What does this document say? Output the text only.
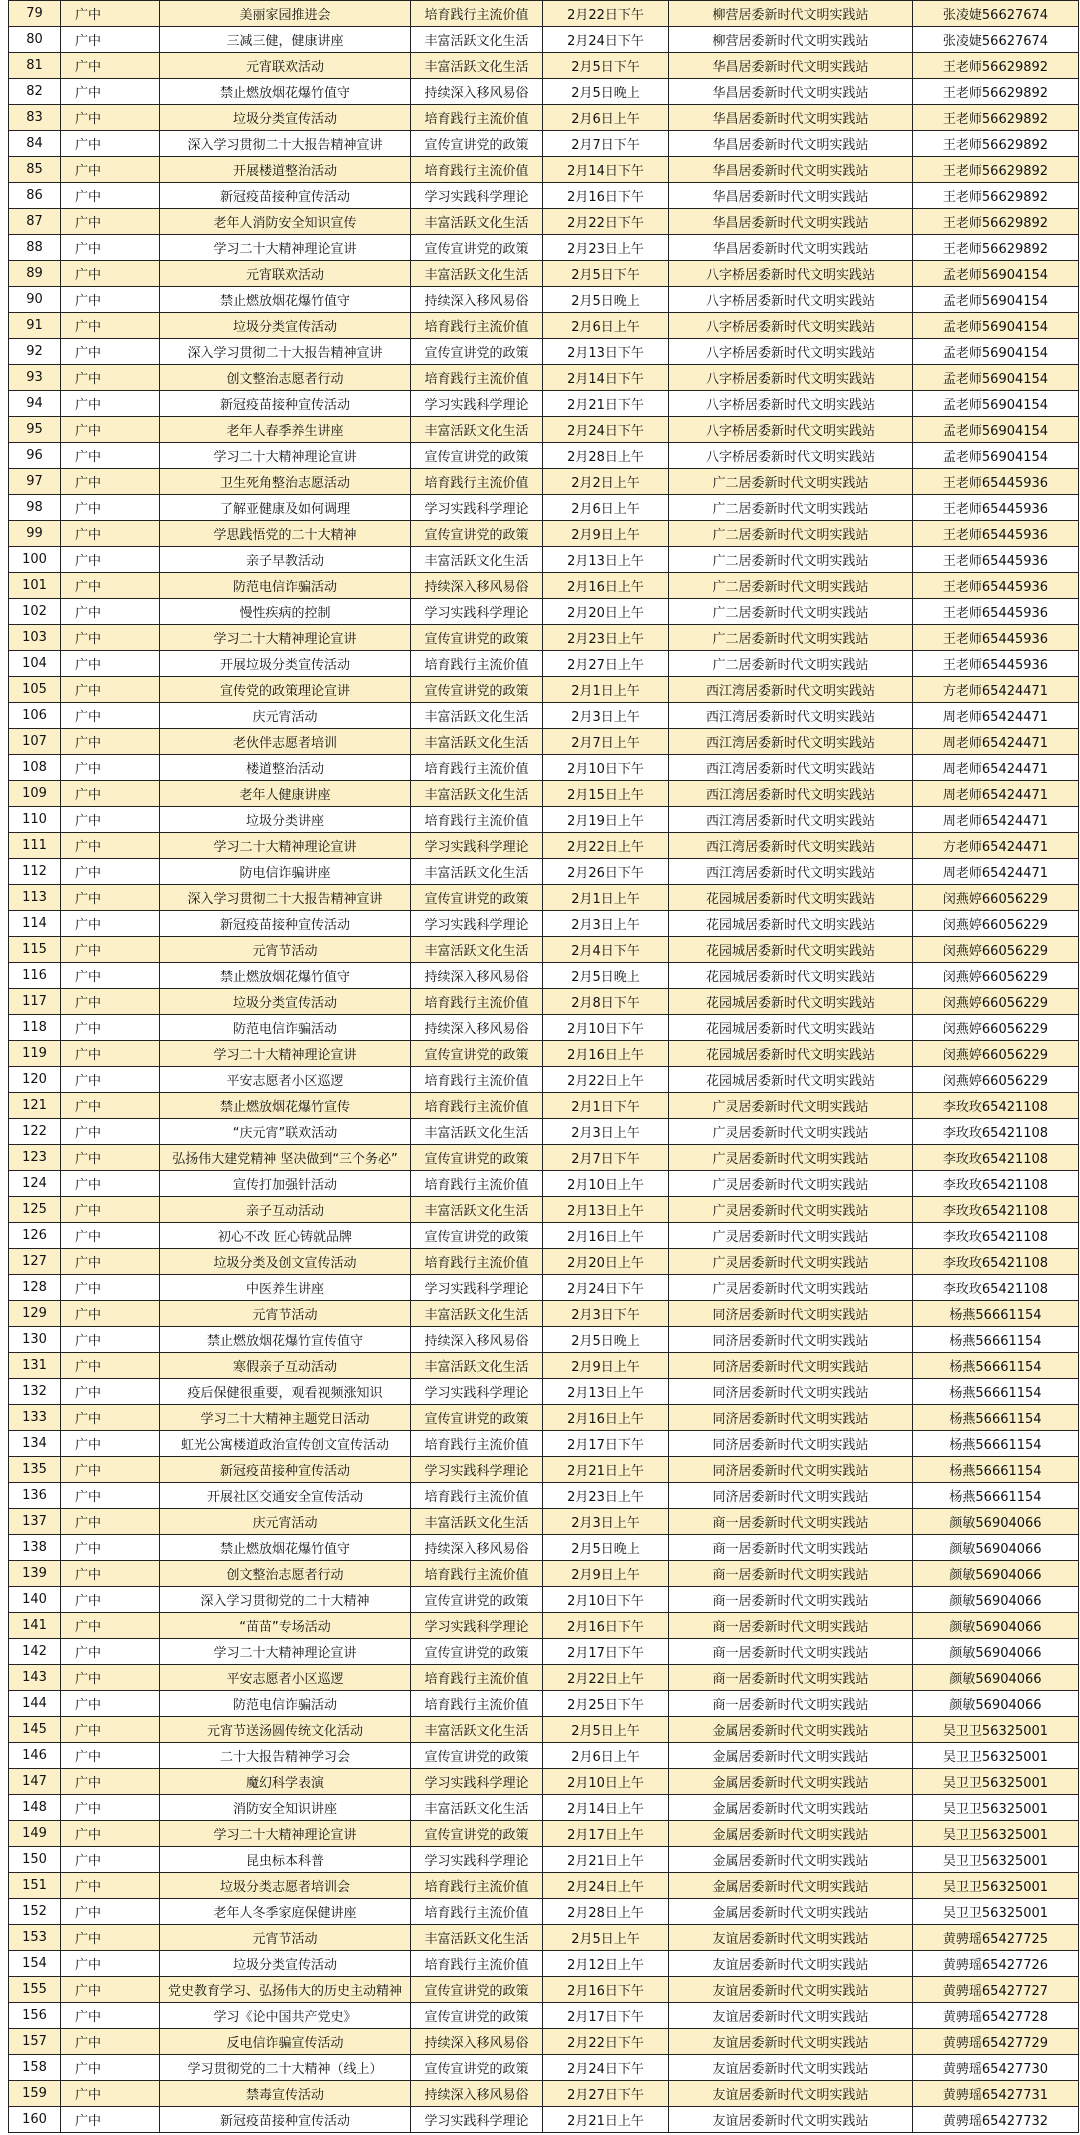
79	广中	美丽家园推进会	培育践行主流价值	2月22日下午	柳营居委新时代文明实践站	张凌婕56627674
80	广中	三减三健，健康讲座	丰富活跃文化生活	2月24日下午	柳营居委新时代文明实践站	张凌婕56627674
81	广中	元宵联欢活动	丰富活跃文化生活	2月5日下午	华昌居委新时代文明实践站	王老师56629892
82	广中	禁止燃放烟花爆竹值守	持续深入移风易俗	2月5日晚上	华昌居委新时代文明实践站	王老师56629892
83	广中	垃圾分类宣传活动	培育践行主流价值	2月6日上午	华昌居委新时代文明实践站	王老师56629892
84	广中	深入学习贯彻二十大报告精神宣讲	宣传宣讲党的政策	2月7日下午	华昌居委新时代文明实践站	王老师56629892
85	广中	开展楼道整治活动	培育践行主流价值	2月14日下午	华昌居委新时代文明实践站	王老师56629892
86	广中	新冠疫苗接种宣传活动	学习实践科学理论	2月16日下午	华昌居委新时代文明实践站	王老师56629892
87	广中	老年人消防安全知识宣传	丰富活跃文化生活	2月22日下午	华昌居委新时代文明实践站	王老师56629892
88	广中	学习二十大精神理论宣讲	宣传宣讲党的政策	2月23日上午	华昌居委新时代文明实践站	王老师56629892
89	广中	元宵联欢活动	丰富活跃文化生活	2月5日下午	八字桥居委新时代文明实践站	孟老师56904154
90	广中	禁止燃放烟花爆竹值守	持续深入移风易俗	2月5日晚上	八字桥居委新时代文明实践站	孟老师56904154
91	广中	垃圾分类宣传活动	培育践行主流价值	2月6日上午	八字桥居委新时代文明实践站	孟老师56904154
92	广中	深入学习贯彻二十大报告精神宣讲	宣传宣讲党的政策	2月13日下午	八字桥居委新时代文明实践站	孟老师56904154
93	广中	创文整治志愿者行动	培育践行主流价值	2月14日下午	八字桥居委新时代文明实践站	孟老师56904154
94	广中	新冠疫苗接种宣传活动	学习实践科学理论	2月21日下午	八字桥居委新时代文明实践站	孟老师56904154
95	广中	老年人春季养生讲座	丰富活跃文化生活	2月24日下午	八字桥居委新时代文明实践站	孟老师56904154
96	广中	学习二十大精神理论宣讲	宣传宣讲党的政策	2月28日上午	八字桥居委新时代文明实践站	孟老师56904154
97	广中	卫生死角整治志愿活动	培育践行主流价值	2月2日上午	广二居委新时代文明实践站	王老师65445936
98	广中	了解亚健康及如何调理	学习实践科学理论	2月6日上午	广二居委新时代文明实践站	王老师65445936
99	广中	学思践悟党的二十大精神	宣传宣讲党的政策	2月9日上午	广二居委新时代文明实践站	王老师65445936
100	广中	亲子早教活动	丰富活跃文化生活	2月13日上午	广二居委新时代文明实践站	王老师65445936
101	广中	防范电信诈骗活动	持续深入移风易俗	2月16日上午	广二居委新时代文明实践站	王老师65445936
102	广中	慢性疾病的控制	学习实践科学理论	2月20日上午	广二居委新时代文明实践站	王老师65445936
103	广中	学习二十大精神理论宣讲	宣传宣讲党的政策	2月23日上午	广二居委新时代文明实践站	王老师65445936
104	广中	开展垃圾分类宣传活动	培育践行主流价值	2月27日上午	广二居委新时代文明实践站	王老师65445936
105	广中	宣传党的政策理论宣讲	宣传宣讲党的政策	2月1日上午	西江湾居委新时代文明实践站	方老师65424471
106	广中	庆元宵活动	丰富活跃文化生活	2月3日上午	西江湾居委新时代文明实践站	周老师65424471
107	广中	老伙伴志愿者培训	丰富活跃文化生活	2月7日上午	西江湾居委新时代文明实践站	周老师65424471
108	广中	楼道整治活动	培育践行主流价值	2月10日下午	西江湾居委新时代文明实践站	周老师65424471
109	广中	老年人健康讲座	丰富活跃文化生活	2月15日上午	西江湾居委新时代文明实践站	周老师65424471
110	广中	垃圾分类讲座	培育践行主流价值	2月19日上午	西江湾居委新时代文明实践站	周老师65424471
111	广中	学习二十大精神理论宣讲	学习实践科学理论	2月22日上午	西江湾居委新时代文明实践站	方老师65424471
112	广中	防电信诈骗讲座	丰富活跃文化生活	2月26日下午	西江湾居委新时代文明实践站	周老师65424471
113	广中	深入学习贯彻二十大报告精神宣讲	宣传宣讲党的政策	2月1日上午	花园城居委新时代文明实践站	闵燕婷66056229
114	广中	新冠疫苗接种宣传活动	学习实践科学理论	2月3日上午	花园城居委新时代文明实践站	闵燕婷66056229
115	广中	元宵节活动	丰富活跃文化生活	2月4日下午	花园城居委新时代文明实践站	闵燕婷66056229
116	广中	禁止燃放烟花爆竹值守	持续深入移风易俗	2月5日晚上	花园城居委新时代文明实践站	闵燕婷66056229
117	广中	垃圾分类宣传活动	培育践行主流价值	2月8日下午	花园城居委新时代文明实践站	闵燕婷66056229
118	广中	防范电信诈骗活动	持续深入移风易俗	2月10日下午	花园城居委新时代文明实践站	闵燕婷66056229
119	广中	学习二十大精神理论宣讲	宣传宣讲党的政策	2月16日上午	花园城居委新时代文明实践站	闵燕婷66056229
120	广中	平安志愿者小区巡逻	培育践行主流价值	2月22日上午	花园城居委新时代文明实践站	闵燕婷66056229
121	广中	禁止燃放烟花爆竹宣传	培育践行主流价值	2月1日下午	广灵居委新时代文明实践站	李玫玫65421108
122	广中	“庆元宵”联欢活动	丰富活跃文化生活	2月3日上午	广灵居委新时代文明实践站	李玫玫65421108
123	广中	弘扬伟大建党精神 坚决做到“三个务必”	宣传宣讲党的政策	2月7日下午	广灵居委新时代文明实践站	李玫玫65421108
124	广中	宣传打加强针活动	培育践行主流价值	2月10日上午	广灵居委新时代文明实践站	李玫玫65421108
125	广中	亲子互动活动	丰富活跃文化生活	2月13日上午	广灵居委新时代文明实践站	李玫玫65421108
126	广中	初心不改 匠心铸就品牌	宣传宣讲党的政策	2月16日上午	广灵居委新时代文明实践站	李玫玫65421108
127	广中	垃圾分类及创文宣传活动	培育践行主流价值	2月20日上午	广灵居委新时代文明实践站	李玫玫65421108
128	广中	中医养生讲座	学习实践科学理论	2月24日下午	广灵居委新时代文明实践站	李玫玫65421108
129	广中	元宵节活动	丰富活跃文化生活	2月3日下午	同济居委新时代文明实践站	杨燕56661154
130	广中	禁止燃放烟花爆竹宣传值守	持续深入移风易俗	2月5日晚上	同济居委新时代文明实践站	杨燕56661154
131	广中	寒假亲子互动活动	丰富活跃文化生活	2月9日上午	同济居委新时代文明实践站	杨燕56661154
132	广中	疫后保健很重要，观看视频涨知识	学习实践科学理论	2月13日上午	同济居委新时代文明实践站	杨燕56661154
133	广中	学习二十大精神主题党日活动	宣传宣讲党的政策	2月16日上午	同济居委新时代文明实践站	杨燕56661154
134	广中	虹光公寓楼道政治宣传创文宣传活动	培育践行主流价值	2月17日下午	同济居委新时代文明实践站	杨燕56661154
135	广中	新冠疫苗接种宣传活动	学习实践科学理论	2月21日上午	同济居委新时代文明实践站	杨燕56661154
136	广中	开展社区交通安全宣传活动	培育践行主流价值	2月23日上午	同济居委新时代文明实践站	杨燕56661154
137	广中	庆元宵活动	丰富活跃文化生活	2月3日上午	商一居委新时代文明实践站	颜敏56904066
138	广中	禁止燃放烟花爆竹值守	持续深入移风易俗	2月5日晚上	商一居委新时代文明实践站	颜敏56904066
139	广中	创文整治志愿者行动	培育践行主流价值	2月9日上午	商一居委新时代文明实践站	颜敏56904066
140	广中	深入学习贯彻党的二十大精神	宣传宣讲党的政策	2月10日下午	商一居委新时代文明实践站	颜敏56904066
141	广中	“苗苗”专场活动	学习实践科学理论	2月16日下午	商一居委新时代文明实践站	颜敏56904066
142	广中	学习二十大精神理论宣讲	宣传宣讲党的政策	2月17日下午	商一居委新时代文明实践站	颜敏56904066
143	广中	平安志愿者小区巡逻	培育践行主流价值	2月22日上午	商一居委新时代文明实践站	颜敏56904066
144	广中	防范电信诈骗活动	培育践行主流价值	2月25日下午	商一居委新时代文明实践站	颜敏56904066
145	广中	元宵节送汤圆传统文化活动	丰富活跃文化生活	2月5日上午	金属居委新时代文明实践站	吴卫卫56325001
146	广中	二十大报告精神学习会	宣传宣讲党的政策	2月6日上午	金属居委新时代文明实践站	吴卫卫56325001
147	广中	魔幻科学表演	学习实践科学理论	2月10日上午	金属居委新时代文明实践站	吴卫卫56325001
148	广中	消防安全知识讲座	丰富活跃文化生活	2月14日上午	金属居委新时代文明实践站	吴卫卫56325001
149	广中	学习二十大精神理论宣讲	宣传宣讲党的政策	2月17日上午	金属居委新时代文明实践站	吴卫卫56325001
150	广中	昆虫标本科普	学习实践科学理论	2月21日上午	金属居委新时代文明实践站	吴卫卫56325001
151	广中	垃圾分类志愿者培训会	培育践行主流价值	2月24日上午	金属居委新时代文明实践站	吴卫卫56325001
152	广中	老年人冬季家庭保健讲座	培育践行主流价值	2月28日上午	金属居委新时代文明实践站	吴卫卫56325001
153	广中	元宵节活动	丰富活跃文化生活	2月5日上午	友谊居委新时代文明实践站	黄骋瑶65427725
154	广中	垃圾分类宣传活动	培育践行主流价值	2月12日上午	友谊居委新时代文明实践站	黄骋瑶65427726
155	广中	党史教育学习、弘扬伟大的历史主动精神	宣传宣讲党的政策	2月16日下午	友谊居委新时代文明实践站	黄骋瑶65427727
156	广中	学习《论中国共产党史》	宣传宣讲党的政策	2月17日下午	友谊居委新时代文明实践站	黄骋瑶65427728
157	广中	反电信诈骗宣传活动	持续深入移风易俗	2月22日下午	友谊居委新时代文明实践站	黄骋瑶65427729
158	广中	学习贯彻党的二十大精神（线上）	宣传宣讲党的政策	2月24日下午	友谊居委新时代文明实践站	黄骋瑶65427730
159	广中	禁毒宣传活动	持续深入移风易俗	2月27日下午	友谊居委新时代文明实践站	黄骋瑶65427731
160	广中	新冠疫苗接种宣传活动	学习实践科学理论	2月21日上午	友谊居委新时代文明实践站	黄骋瑶65427732
